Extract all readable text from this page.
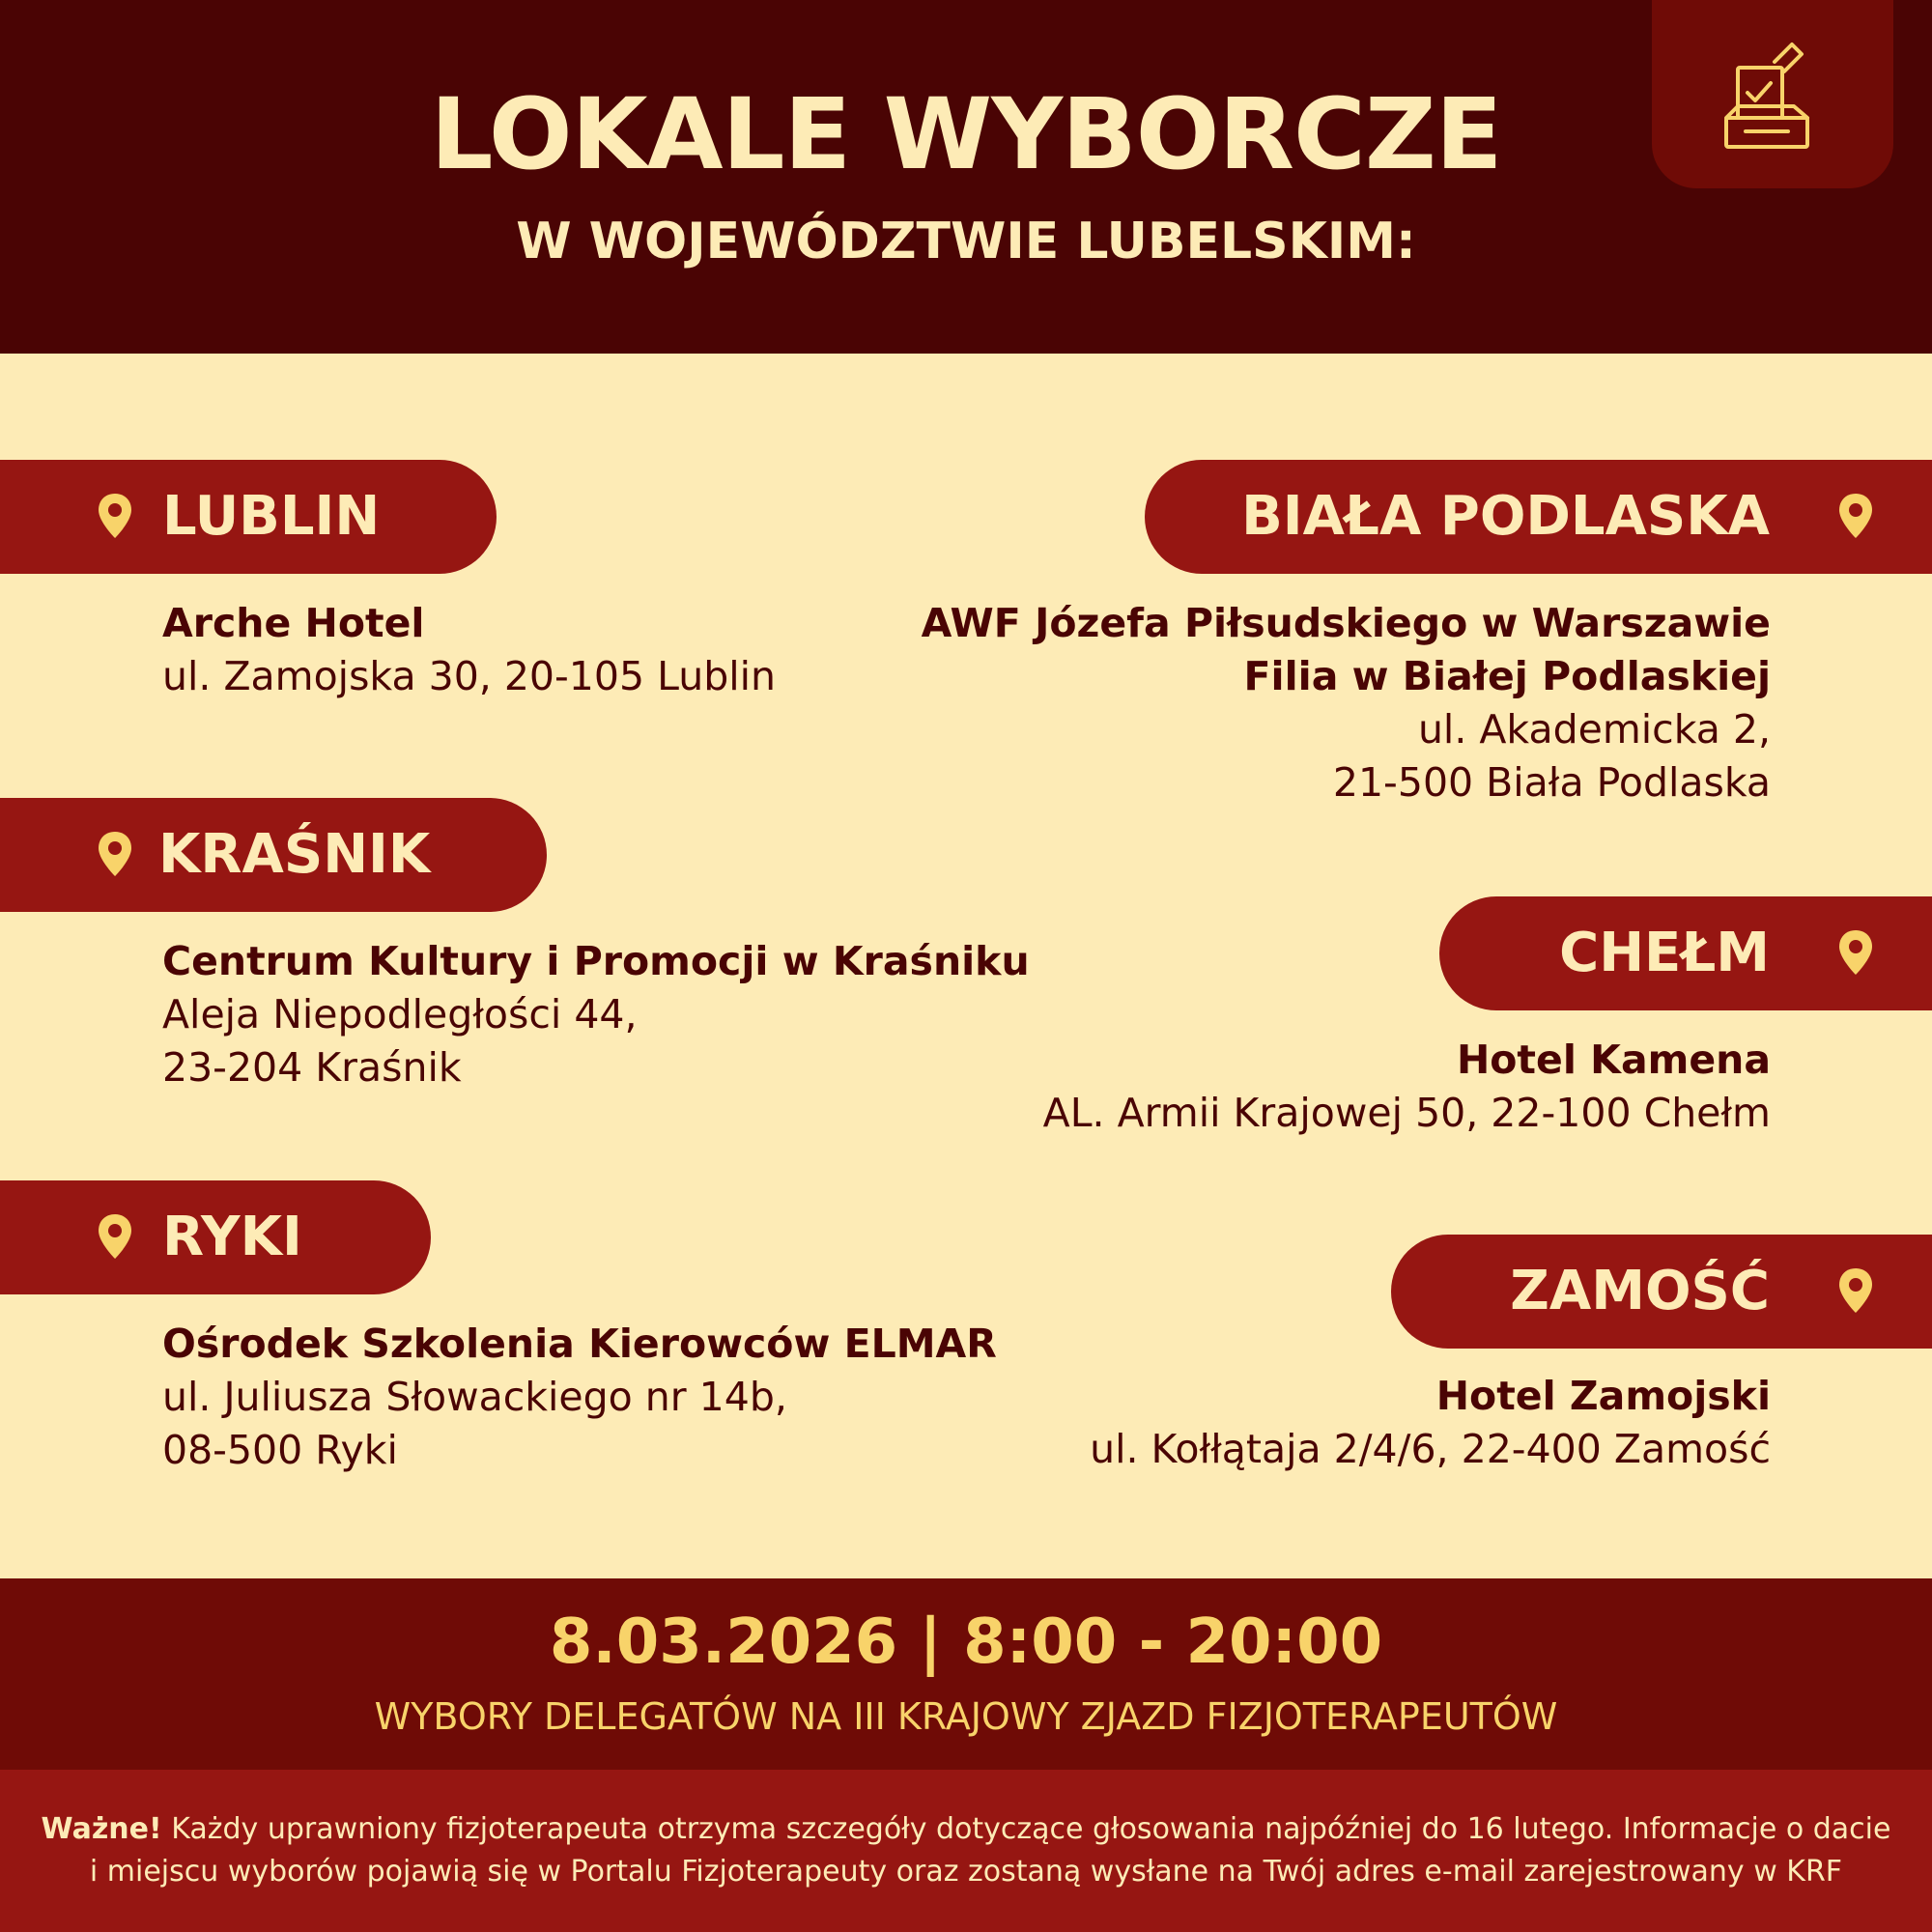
LOKALE WYBORCZE
W WOJEWÓDZTWIE LUBELSKIM:
LUBLIN
Arche Hotel
ul. Zamojska 30, 20-105 Lublin
KRAŚNIK
Centrum Kultury i Promocji w Kraśniku
Aleja Niepodległości 44,
23-204 Kraśnik
RYKI
Ośrodek Szkolenia Kierowców ELMAR
ul. Juliusza Słowackiego nr 14b,
08-500 Ryki
BIAŁA PODLASKA
AWF Józefa Piłsudskiego w Warszawie
Filia w Białej Podlaskiej
ul. Akademicka 2,
21-500 Biała Podlaska
CHEŁM
Hotel Kamena
AL. Armii Krajowej 50, 22-100 Chełm
ZAMOŚĆ
Hotel Zamojski
ul. Kołłątaja 2/4/6, 22-400 Zamość
8.03.2026 | 8:00 - 20:00
WYBORY DELEGATÓW NA III KRAJOWY ZJAZD FIZJOTERAPEUTÓW
Ważne! Każdy uprawniony fizjoterapeuta otrzyma szczegóły dotyczące głosowania najpóźniej do 16 lutego. Informacje o dacie
i miejscu wyborów pojawią się w Portalu Fizjoterapeuty oraz zostaną wysłane na Twój adres e-mail zarejestrowany w KRF
